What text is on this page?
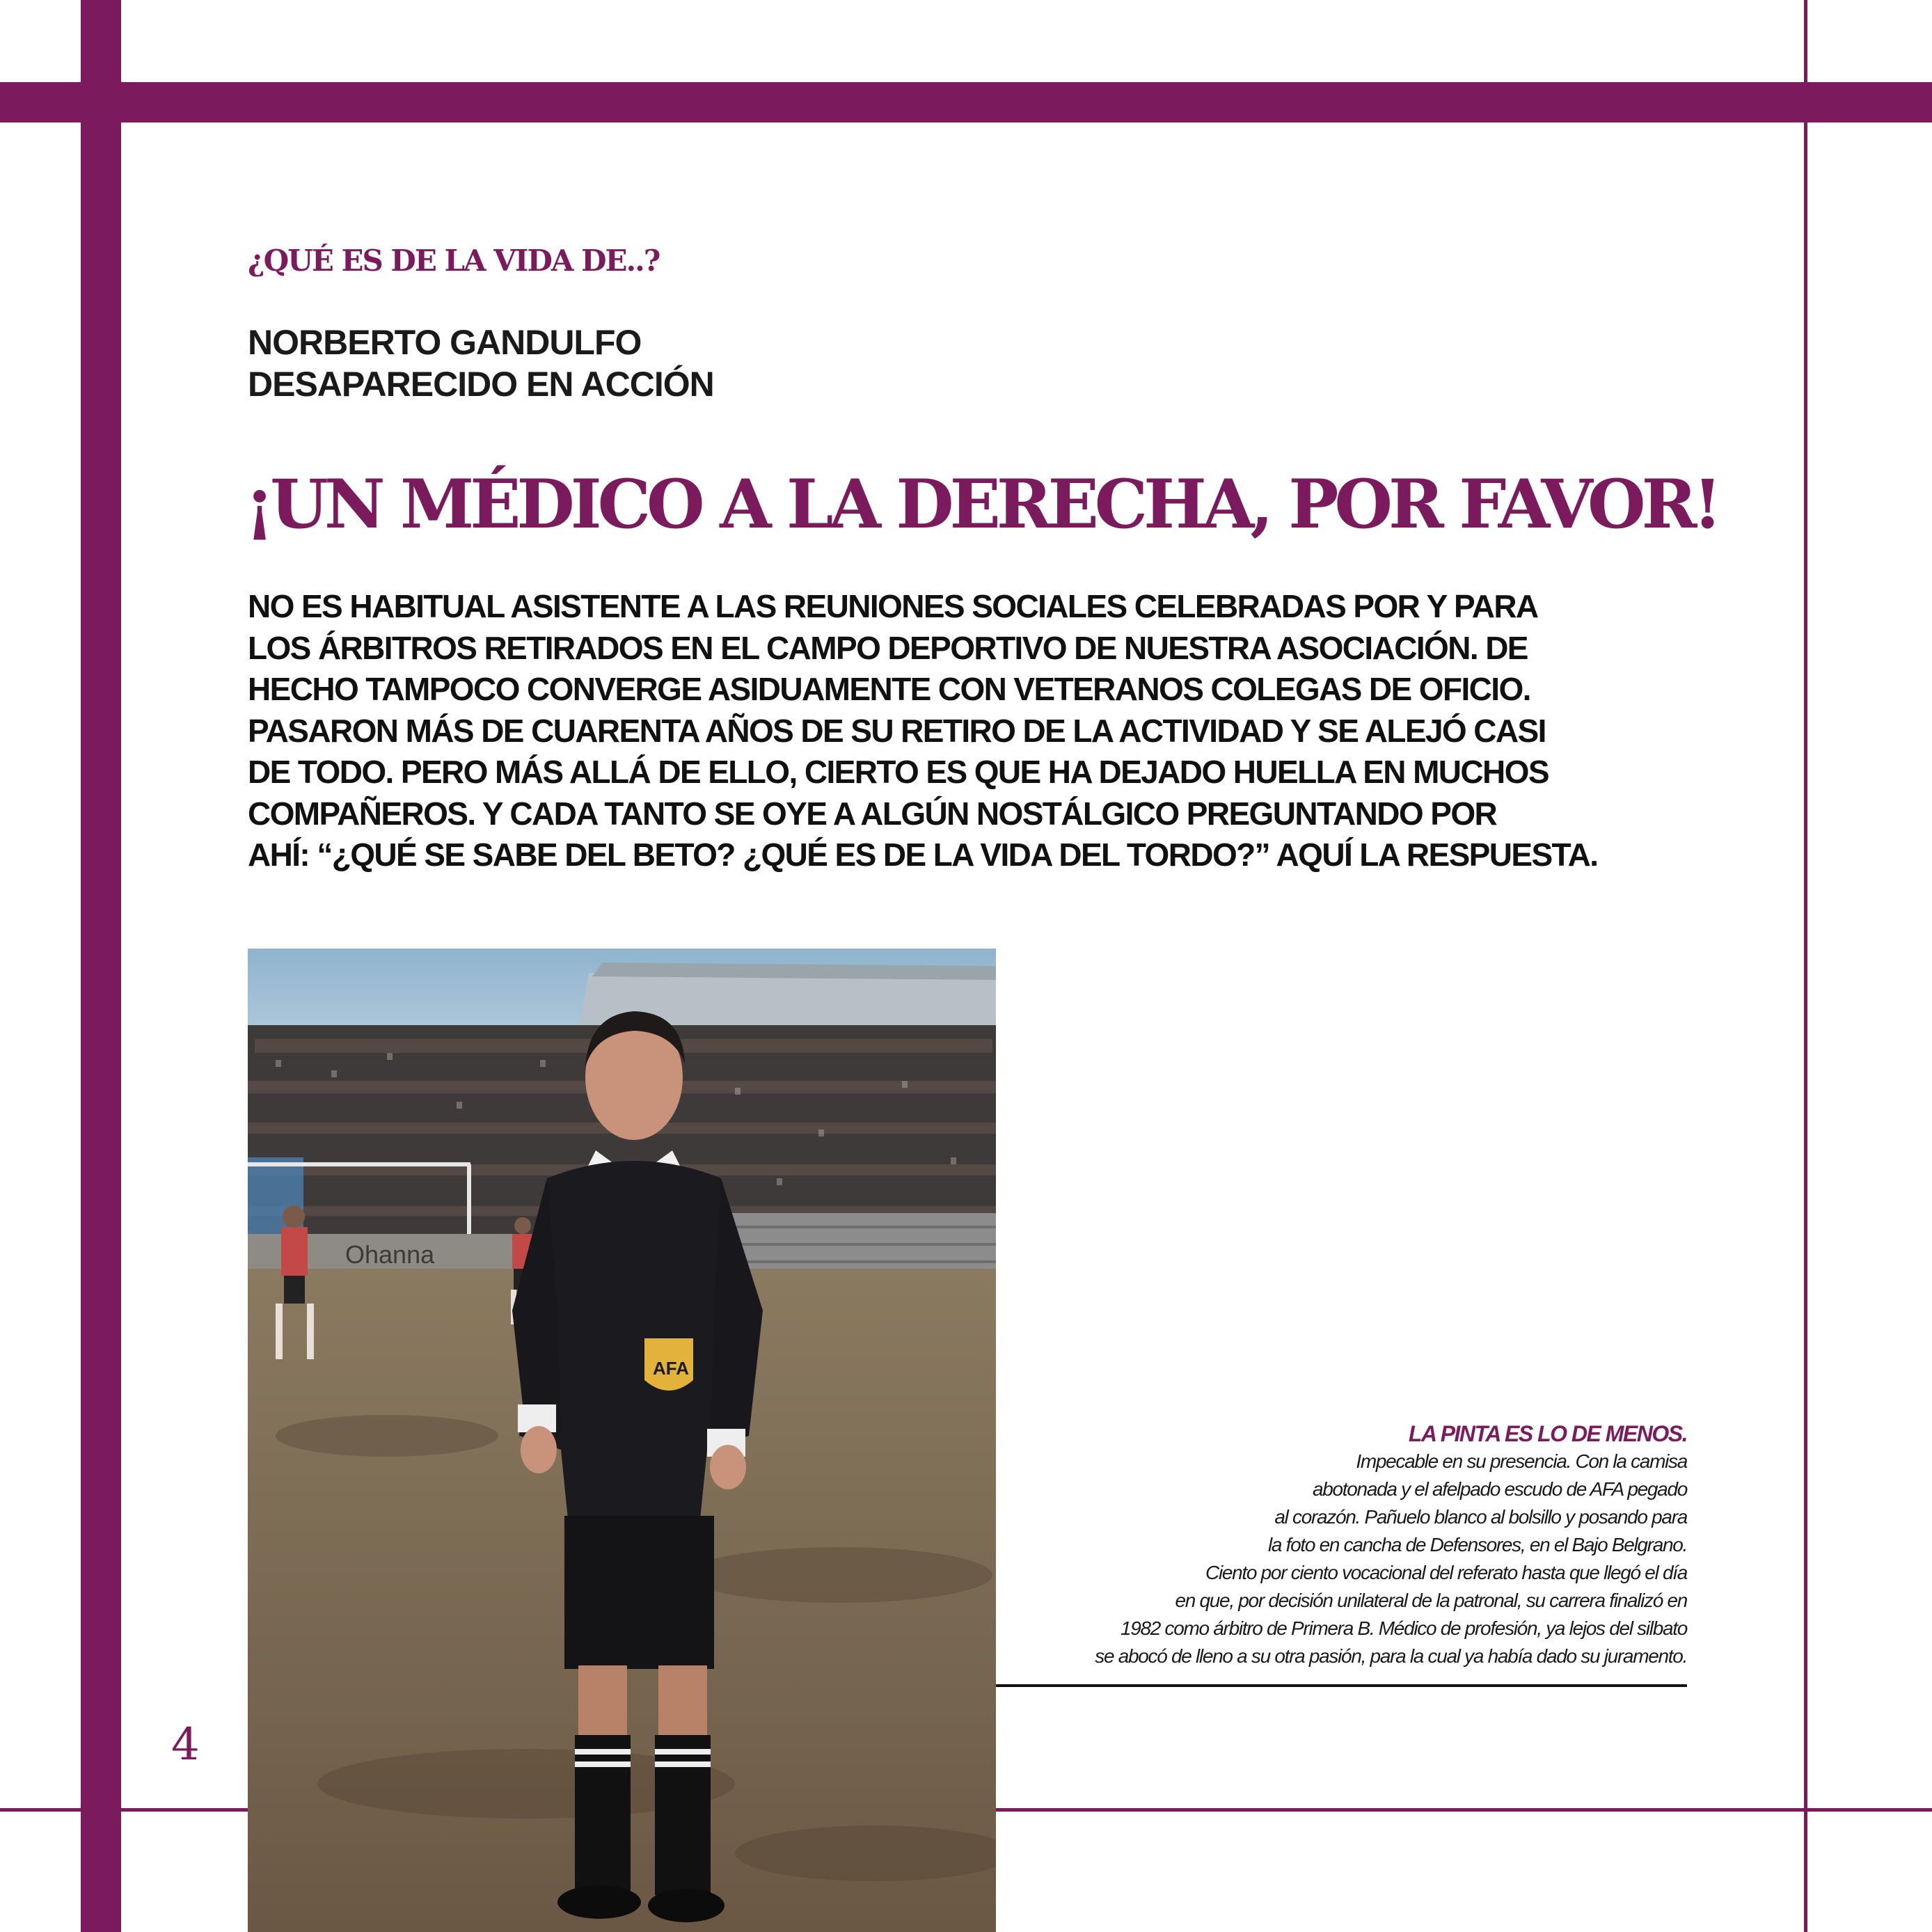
¿QUÉ ES DE LA VIDA DE..?
NORBERTO GANDULFO
DESAPARECIDO EN ACCIÓN
¡UN MÉDICO A LA DERECHA, POR FAVOR!
NO ES HABITUAL ASISTENTE A LAS REUNIONES SOCIALES CELEBRADAS POR Y PARA
LOS ÁRBITROS RETIRADOS EN EL CAMPO DEPORTIVO DE NUESTRA ASOCIACIÓN. DE
HECHO TAMPOCO CONVERGE ASIDUAMENTE CON VETERANOS COLEGAS DE OFICIO.
PASARON MÁS DE CUARENTA AÑOS DE SU RETIRO DE LA ACTIVIDAD Y SE ALEJÓ CASI
DE TODO. PERO MÁS ALLÁ DE ELLO, CIERTO ES QUE HA DEJADO HUELLA EN MUCHOS
COMPAÑEROS. Y CADA TANTO SE OYE A ALGÚN NOSTÁLGICO PREGUNTANDO POR
AHÍ: “¿QUÉ SE SABE DEL BETO? ¿QUÉ ES DE LA VIDA DEL TORDO?” AQUÍ LA RESPUESTA.
Ohanna
AFA
LA PINTA ES LO DE MENOS.
Impecable en su presencia. Con la camisa
abotonada y el afelpado escudo de AFA pegado
al corazón. Pañuelo blanco al bolsillo y posando para
la foto en cancha de Defensores, en el Bajo Belgrano.
Ciento por ciento vocacional del referato hasta que llegó el día
en que, por decisión unilateral de la patronal, su carrera finalizó en
1982 como árbitro de Primera B. Médico de profesión, ya lejos del silbato
se abocó de lleno a su otra pasión, para la cual ya había dado su juramento.
4
